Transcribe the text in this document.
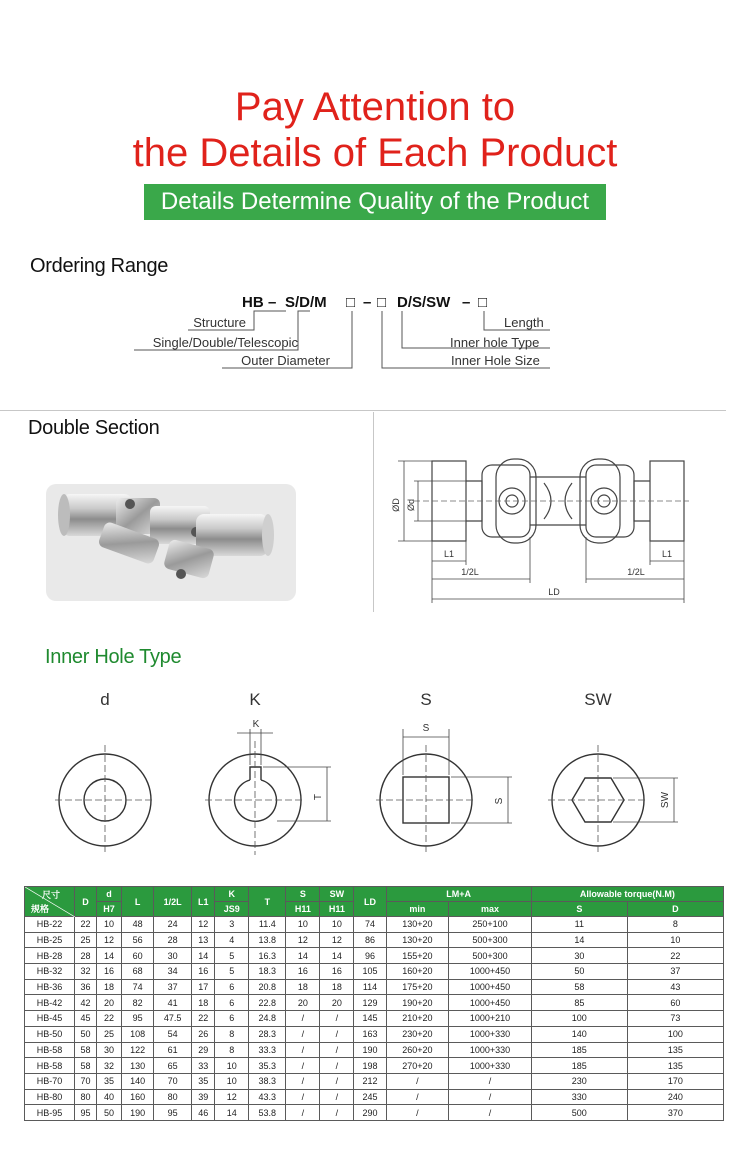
Pay Attention to
the Details of Each Product
Details Determine Quality of the Product
Ordering Range
HB – S/D/M □ – □ D/S/SW – □
Structure
Single/Double/Telescopic
Outer Diameter
Length
Inner hole Type
Inner Hole Size
Double Section
ØD Ød
L1	L1
1/2L	1/2L
LD
Inner Hole Type
d	K
K
T
S
S
S
SW
SW
尺寸
规格	D	d	L	1/2L	L1	K	T	S	SW	LD	LM+A		Allowable torque(N.M)	
		H7				JS9		H11	H11		min	max	S	D
HB-22	22	10	48	24	12	3	11.4	10	10	74	130+20	250+100	11	8
HB-25	25	12	56	28	13	4	13.8	12	12	86	130+20	500+300	14	10
HB-28	28	14	60	30	14	5	16.3	14	14	96	155+20	500+300	30	22
HB-32	32	16	68	34	16	5	18.3	16	16	105	160+20	1000+450	50	37
HB-36	36	18	74	37	17	6	20.8	18	18	114	175+20	1000+450	58	43
HB-42	42	20	82	41	18	6	22.8	20	20	129	190+20	1000+450	85	60
HB-45	45	22	95	47.5	22	6	24.8	/	/	145	210+20	1000+210	100	73
HB-50	50	25	108	54	26	8	28.3	/	/	163	230+20	1000+330	140	100
HB-58	58	30	122	61	29	8	33.3	/	/	190	260+20	1000+330	185	135
HB-58	58	32	130	65	33	10	35.3	/	/	198	270+20	1000+330	185	135
HB-70	70	35	140	70	35	10	38.3	/	/	212	/	/	230	170
HB-80	80	40	160	80	39	12	43.3	/	/	245	/	/	330	240
HB-95	95	50	190	95	46	14	53.8	/	/	290	/	/	500	370
